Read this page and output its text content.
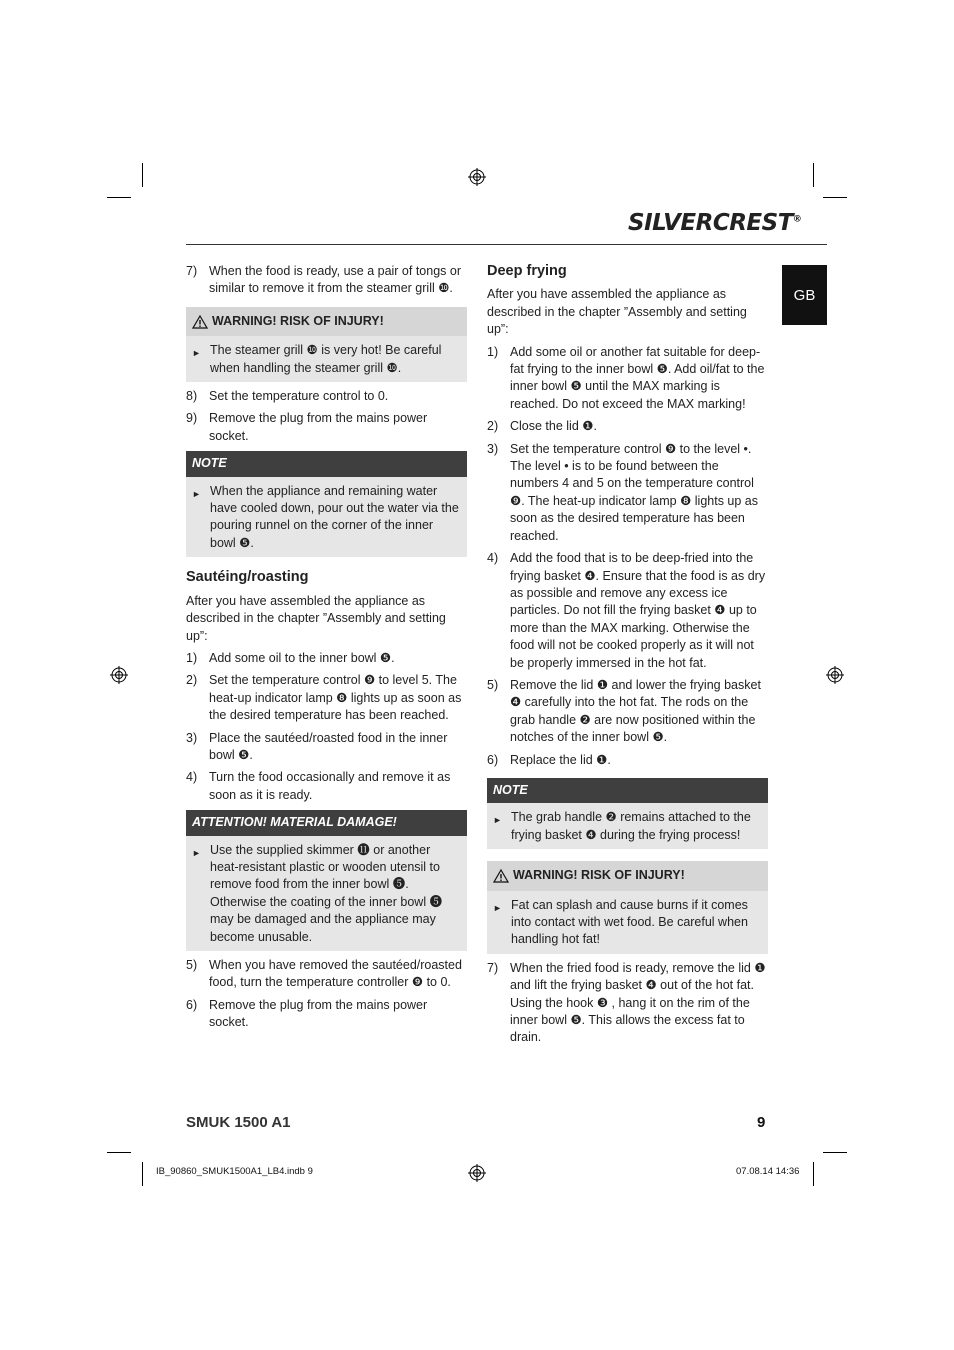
SILVERCREST®
GB
7) When the food is ready, use a pair of tongs or similar to remove it from the steamer grill ❿.
WARNING! RISK OF INJURY!
► The steamer grill ❿ is very hot! Be careful when handling the steamer grill ❿.
8) Set the temperature control to 0.
9) Remove the plug from the mains power socket.
NOTE
► When the appliance and remaining water have cooled down, pour out the water via the pouring runnel on the corner of the inner bowl ❺.
Sautéing/roasting
After you have assembled the appliance as described in the chapter ”Assembly and setting up”:
1) Add some oil to the inner bowl ❺.
2) Set the temperature control ❾ to level 5. The heat-up indicator lamp ❽ lights up as soon as the desired temperature has been reached.
3) Place the sautéed/roasted food in the inner bowl ❺.
4) Turn the food occasionally and remove it as soon as it is ready.
ATTENTION! MATERIAL DAMAGE!
► Use the supplied skimmer ⓫ or another heat-resistant plastic or wooden utensil to remove food from the inner bowl ❺. Otherwise the coating of the inner bowl ❺ may be damaged and the appliance may become unusable.
5) When you have removed the sautéed/roasted food, turn the temperature controller ❾ to 0.
6) Remove the plug from the mains power socket.
Deep frying
After you have assembled the appliance as described in the chapter ”Assembly and setting up”:
1) Add some oil or another fat suitable for deep-fat frying to the inner bowl ❺. Add oil/fat to the inner bowl ❺ until the MAX marking is reached. Do not exceed the MAX marking!
2) Close the lid ❶.
3) Set the temperature control ❾ to the level •. The level • is to be found between the numbers 4 and 5 on the temperature control ❾. The heat-up indicator lamp ❽ lights up as soon as the desired temperature has been reached.
4) Add the food that is to be deep-fried into the frying basket ❹. Ensure that the food is as dry as possible and remove any excess ice particles. Do not fill the frying basket ❹ up to more than the MAX marking. Otherwise the food will not be cooked properly as it will not be properly immersed in the hot fat.
5) Remove the lid ❶ and lower the frying basket ❹ carefully into the hot fat. The rods on the grab handle ❷ are now positioned within the notches of the inner bowl ❺.
6) Replace the lid ❶.
NOTE
► The grab handle ❷ remains attached to the frying basket ❹ during the frying process!
WARNING! RISK OF INJURY!
► Fat can splash and cause burns if it comes into contact with wet food. Be careful when handling hot fat!
7) When the fried food is ready, remove the lid ❶ and lift the frying basket ❹ out of the hot fat. Using the hook ❸ , hang it on the rim of the inner bowl ❺. This allows the excess fat to drain.
SMUK 1500 A1	9
IB_90860_SMUK1500A1_LB4.indb 9	07.08.14 14:36
